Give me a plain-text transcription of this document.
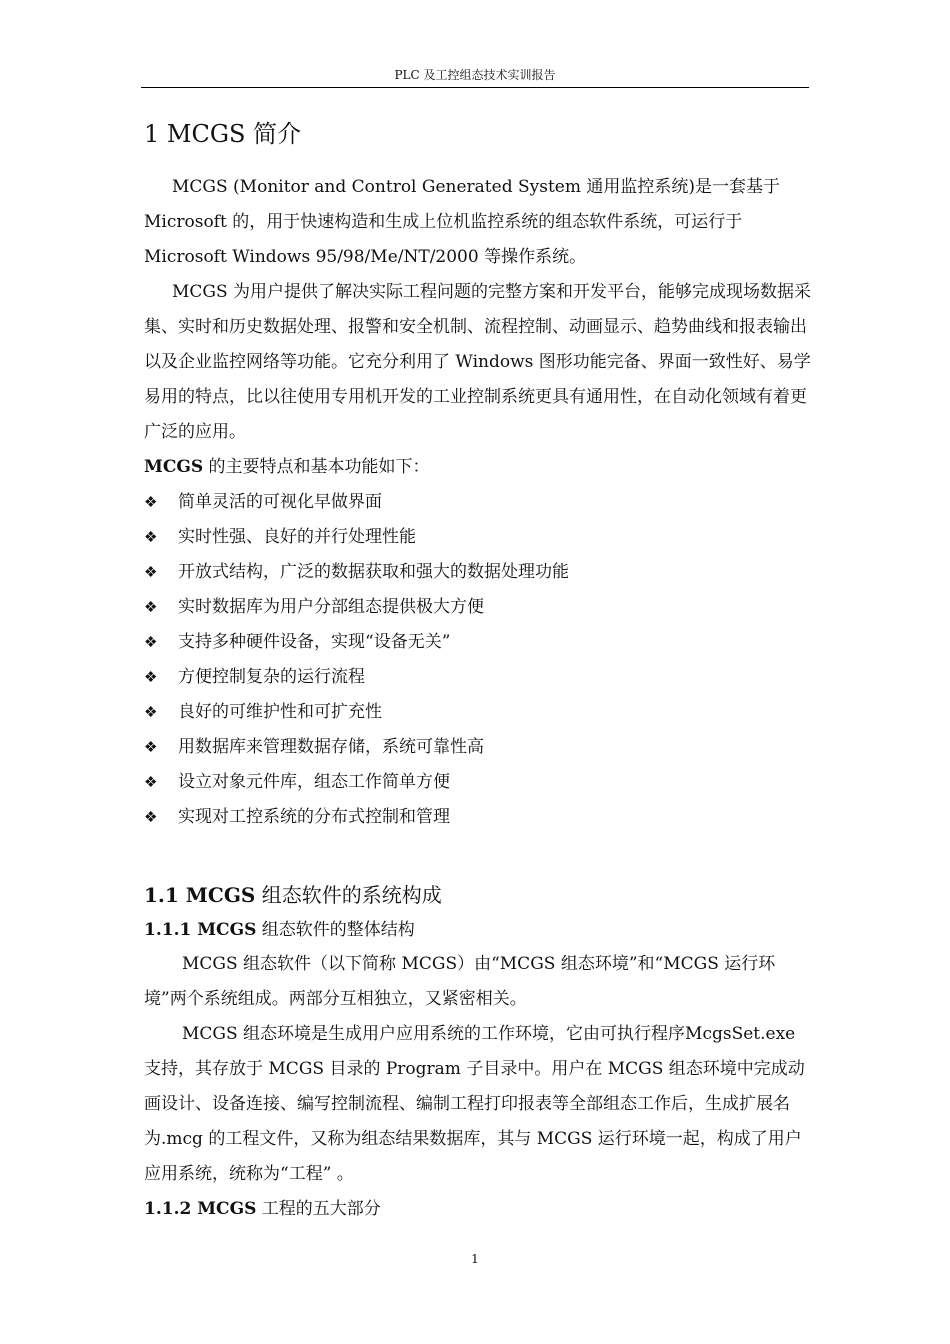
PLC 及工控组态技术实训报告
1 MCGS 简介

MCGS (Monitor and Control Generated System 通用监控系统)是一套基于Microsoft 的，用于快速构造和生成上位机监控系统的组态软件系统，可运行于Microsoft Windows 95/98/Me/NT/2000 等操作系统。

MCGS 为用户提供了解决实际工程问题的完整方案和开发平台，能够完成现场数据采集、实时和历史数据处理、报警和安全机制、流程控制、动画显示、趋势曲线和报表输出以及企业监控网络等功能。它充分利用了 Windows 图形功能完备、界面一致性好、易学易用的特点，比以往使用专用机开发的工业控制系统更具有通用性，在自动化领域有着更广泛的应用。

MCGS 的主要特点和基本功能如下：
❖	简单灵活的可视化早做界面
❖	实时性强、良好的并行处理性能
❖	开放式结构，广泛的数据获取和强大的数据处理功能
❖	实时数据库为用户分部组态提供极大方便
❖	支持多种硬件设备，实现“设备无关”
❖	方便控制复杂的运行流程
❖	良好的可维护性和可扩充性
❖	用数据库来管理数据存储，系统可靠性高
❖	设立对象元件库，组态工作简单方便
❖	实现对工控系统的分布式控制和管理
1.1 MCGS 组态软件的系统构成
1.1.1 MCGS 组态软件的整体结构

MCGS 组态软件（以下简称 MCGS）由“MCGS 组态环境”和“MCGS 运行环境”两个系统组成。两部分互相独立，又紧密相关。

MCGS 组态环境是生成用户应用系统的工作环境，它由可执行程序McgsSet.exe 支持，其存放于 MCGS 目录的 Program 子目录中。用户在 MCGS 组态环境中完成动画设计、设备连接、编写控制流程、编制工程打印报表等全部组态工作后，生成扩展名为.mcg 的工程文件，又称为组态结果数据库，其与 MCGS 运行环境一起，构成了用户应用系统，统称为“工程” 。

1.1.2 MCGS 工程的五大部分
1
